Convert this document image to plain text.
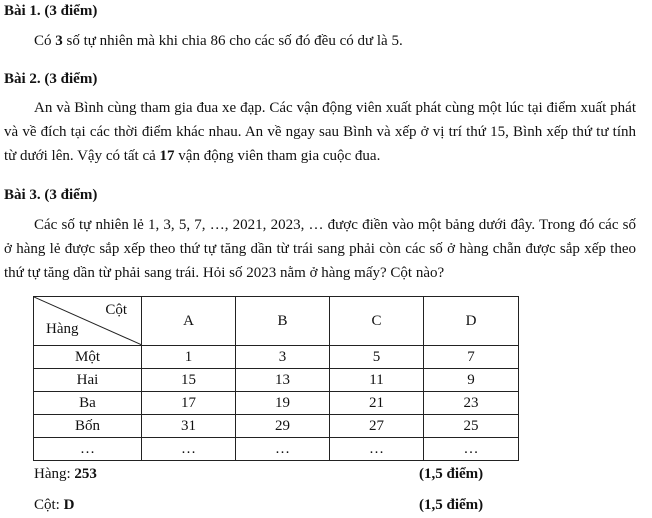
Bài 1. (3 điểm)
Có 3 số tự nhiên mà khi chia 86 cho các số đó đều có dư là 5.
Bài 2. (3 điểm)
An và Bình cùng tham gia đua xe đạp. Các vận động viên xuất phát cùng một lúc tại điểm xuất phát và về đích tại các thời điểm khác nhau. An về ngay sau Bình và xếp ở vị trí thứ 15, Bình xếp thứ tư tính từ dưới lên. Vậy có tất cả 17 vận động viên tham gia cuộc đua.
Bài 3. (3 điểm)
Các số tự nhiên lẻ 1, 3, 5, 7, …, 2021, 2023, … được điền vào một bảng dưới đây. Trong đó các số ở hàng lẻ được sắp xếp theo thứ tự tăng dần từ trái sang phải còn các số ở hàng chẵn được sắp xếp theo thứ tự tăng dần từ phải sang trái. Hỏi số 2023 nằm ở hàng mấy? Cột nào?
Cột
Hàng	A	B	C	D
Một	1	3	5	7
Hai	15	13	11	9
Ba	17	19	21	23
Bốn	31	29	27	25
…	…	…	…	…
Hàng: 253	(1,5 điểm)
Cột: D	(1,5 điểm)
